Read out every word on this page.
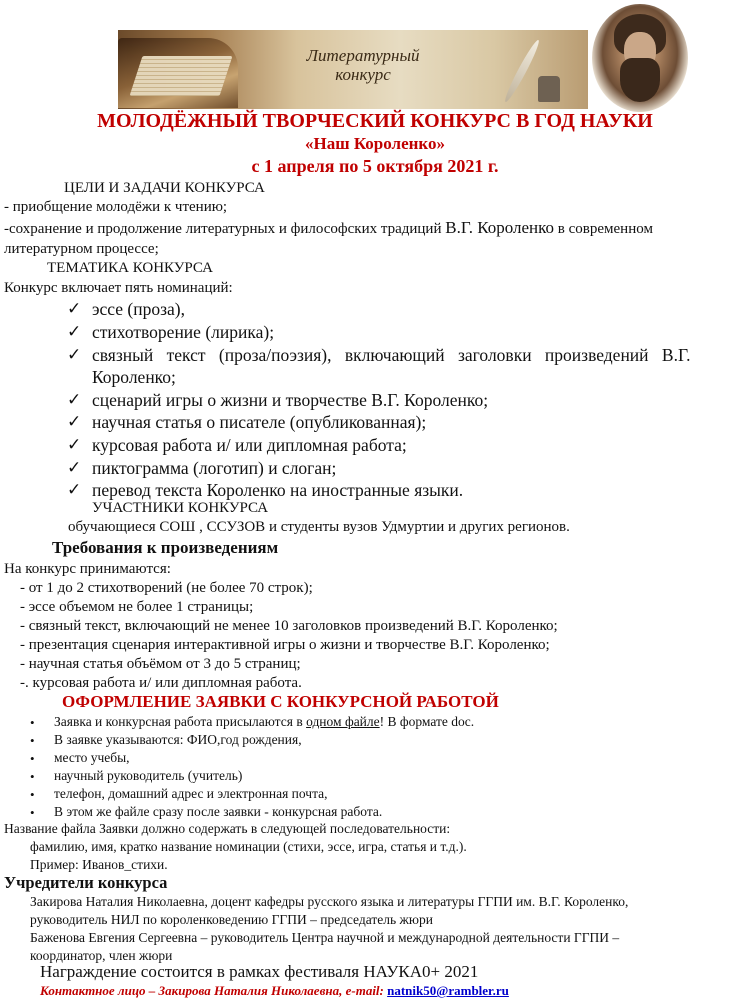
Литературный
конкурс
МОЛОДЁЖНЫЙ ТВОРЧЕСКИЙ КОНКУРС В ГОД НАУКИ
«Наш Короленко»
с 1 апреля по 5 октября 2021 г.
ЦЕЛИ И ЗАДАЧИ КОНКУРСА
- приобщение молодёжи к чтению;
-сохранение и продолжение литературных и философских традиций В.Г. Короленко в современном
литературном процессе;
ТЕМАТИКА КОНКУРСА
Конкурс включает пять номинаций:
✓ эссе (проза),
✓ стихотворение (лирика);
✓ связный текст (проза/поэзия), включающий заголовки произведений В.Г.
Короленко;
✓ сценарий игры о жизни и творчестве В.Г. Короленко;
✓ научная статья о писателе (опубликованная);
✓ курсовая работа и/ или дипломная работа;
✓ пиктограмма (логотип) и слоган;
✓ перевод текста Короленко на иностранные языки.
УЧАСТНИКИ КОНКУРСА
обучающиеся СОШ , ССУЗОВ и студенты вузов Удмуртии и других регионов.
Требования к произведениям
На конкурс принимаются:
- от 1 до 2 стихотворений (не более 70 строк);
- эссе объемом не более 1 страницы;
- связный текст, включающий не менее 10 заголовков произведений В.Г. Короленко;
- презентация сценария интерактивной игры о жизни и творчестве В.Г. Короленко;
- научная статья объёмом от 3 до 5 страниц;
-. курсовая работа и/ или дипломная работа.
ОФОРМЛЕНИЕ ЗАЯВКИ С КОНКУРСНОЙ РАБОТОЙ
• Заявка и конкурсная работа присылаются в одном файле! В формате doc.
• В заявке указываются: ФИО,год рождения,
• место учебы,
• научный руководитель (учитель)
• телефон, домашний адрес и электронная почта,
• В этом же файле сразу после заявки - конкурсная работа.
Название файла Заявки должно содержать в следующей последовательности:
фамилию, имя, кратко название номинации (стихи, эссе, игра, статья и т.д.).
Пример: Иванов_стихи.
Учредители конкурса
Закирова Наталия Николаевна, доцент кафедры русского языка и литературы ГГПИ им. В.Г. Короленко,
руководитель НИЛ по короленковедению ГГПИ – председатель жюри
Баженова Евгения Сергеевна – руководитель Центра научной и международной деятельности ГГПИ –
координатор, член жюри
Награждение состоится в рамках фестиваля НАУКА0+ 2021
Контактное лицо – Закирова Наталия Николаевна, e-mail: natnik50@rambler.ru
